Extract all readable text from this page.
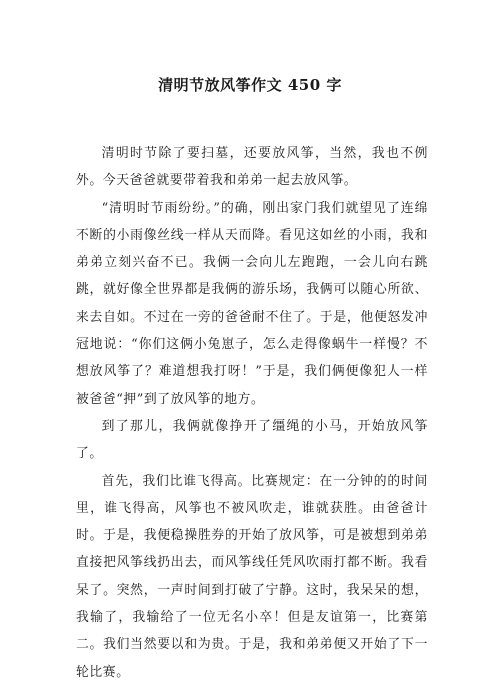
清明节放风筝作文 450 字

清明时节除了要扫墓，还要放风筝，当然，我也不例外。今天爸爸就要带着我和弟弟一起去放风筝。

“清明时节雨纷纷。”的确，刚出家门我们就望见了连绵不断的小雨像丝线一样从天而降。看见这如丝的小雨，我和弟弟立刻兴奋不已。我俩一会向儿左跑跑，一会儿向右跳跳，就好像全世界都是我俩的游乐场，我俩可以随心所欲、来去自如。不过在一旁的爸爸耐不住了。于是，他便怒发冲冠地说：“你们这俩小兔崽子，怎么走得像蜗牛一样慢？不想放风筝了？难道想我打呀！”于是，我们俩便像犯人一样被爸爸“押”到了放风筝的地方。

到了那儿，我俩就像挣开了缰绳的小马，开始放风筝了。

首先，我们比谁飞得高。比赛规定：在一分钟的的时间里，谁飞得高，风筝也不被风吹走，谁就获胜。由爸爸计时。于是，我便稳操胜券的开始了放风筝，可是被想到弟弟直接把风筝线扔出去，而风筝线任凭风吹雨打都不断。我看呆了。突然，一声时间到打破了宁静。这时，我呆呆的想，我输了，我输给了一位无名小卒！但是友谊第一，比赛第二。我们当然要以和为贵。于是，我和弟弟便又开始了下一轮比赛。
